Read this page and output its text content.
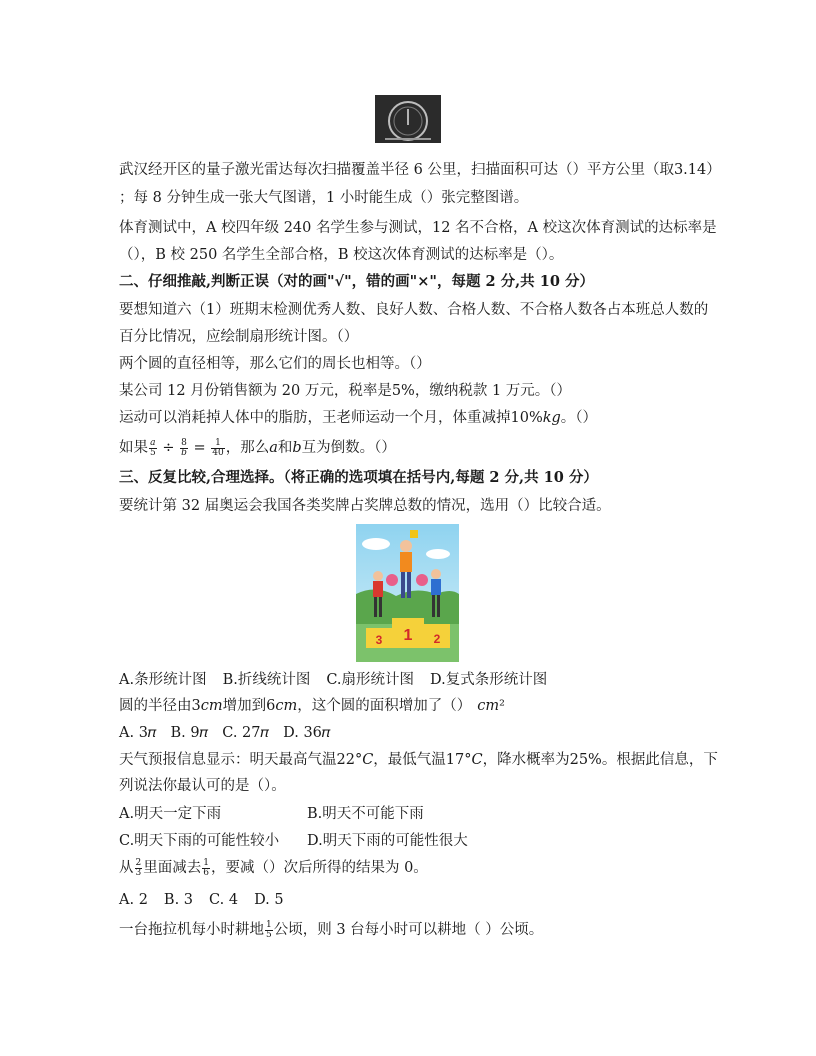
武汉经开区的量子激光雷达每次扫描覆盖半径 6 公里，扫描面积可达（）平方公里（取3.14）
；每 8 分钟生成一张大气图谱，1 小时能生成（）张完整图谱。
体育测试中，A 校四年级 240 名学生参与测试，12 名不合格，A 校这次体育测试的达标率是
（），B 校 250 名学生全部合格，B 校这次体育测试的达标率是（）。
二、仔细推敲,判断正误（对的画"√"，错的画"×"，每题 2 分,共 10 分）
要想知道六（1）班期末检测优秀人数、良好人数、合格人数、不合格人数各占本班总人数的
百分比情况，应绘制扇形统计图。（）
两个圆的直径相等，那么它们的周长也相等。（）
某公司 12 月份销售额为 20 万元，税率是5%，缴纳税款 1 万元。（）
运动可以消耗掉人体中的脂肪，王老师运动一个月，体重减掉10%𝑘𝑔。（）
如果 $\frac{\text{𝑎}}{5} \div \frac{8}{\text{𝑏}} = \frac{1}{40}$ ，那么𝑎和𝑏互为倒数。（）
三、反复比较,合理选择。（将正确的选项填在括号内,每题 2 分,共 10 分）
要统计第 32 届奥运会我国各类奖牌占奖牌总数的情况，选用（）比较合适。
1 2
3
A.条形统计图 B.折线统计图 C.扇形统计图 D.复式条形统计图
圆的半径由3𝑐𝑚增加到6𝑐𝑚，这个圆的面积增加了（） 𝑐𝑚²
A. 3𝜋 B. 9𝜋 C. 27𝜋 D. 36𝜋
天气预报信息显示：明天最高气温22°𝐶，最低气温17°𝐶，降水概率为25%。根据此信息，下
列说法你最认可的是（）。
A.明天一定下雨	B.明天不可能下雨
C.明天下雨的可能性较小 D.明天下雨的可能性很大
从 $\frac{2}{3}$ 里面减去 $\frac{1}{6}$ ，要减（）次后所得的结果为 0。
A. 2 B. 3 C. 4 D. 5
一台拖拉机每小时耕地 $\frac{1}{5}$ 公顷，则 3 台每小时可以耕地（ ）公顷。
